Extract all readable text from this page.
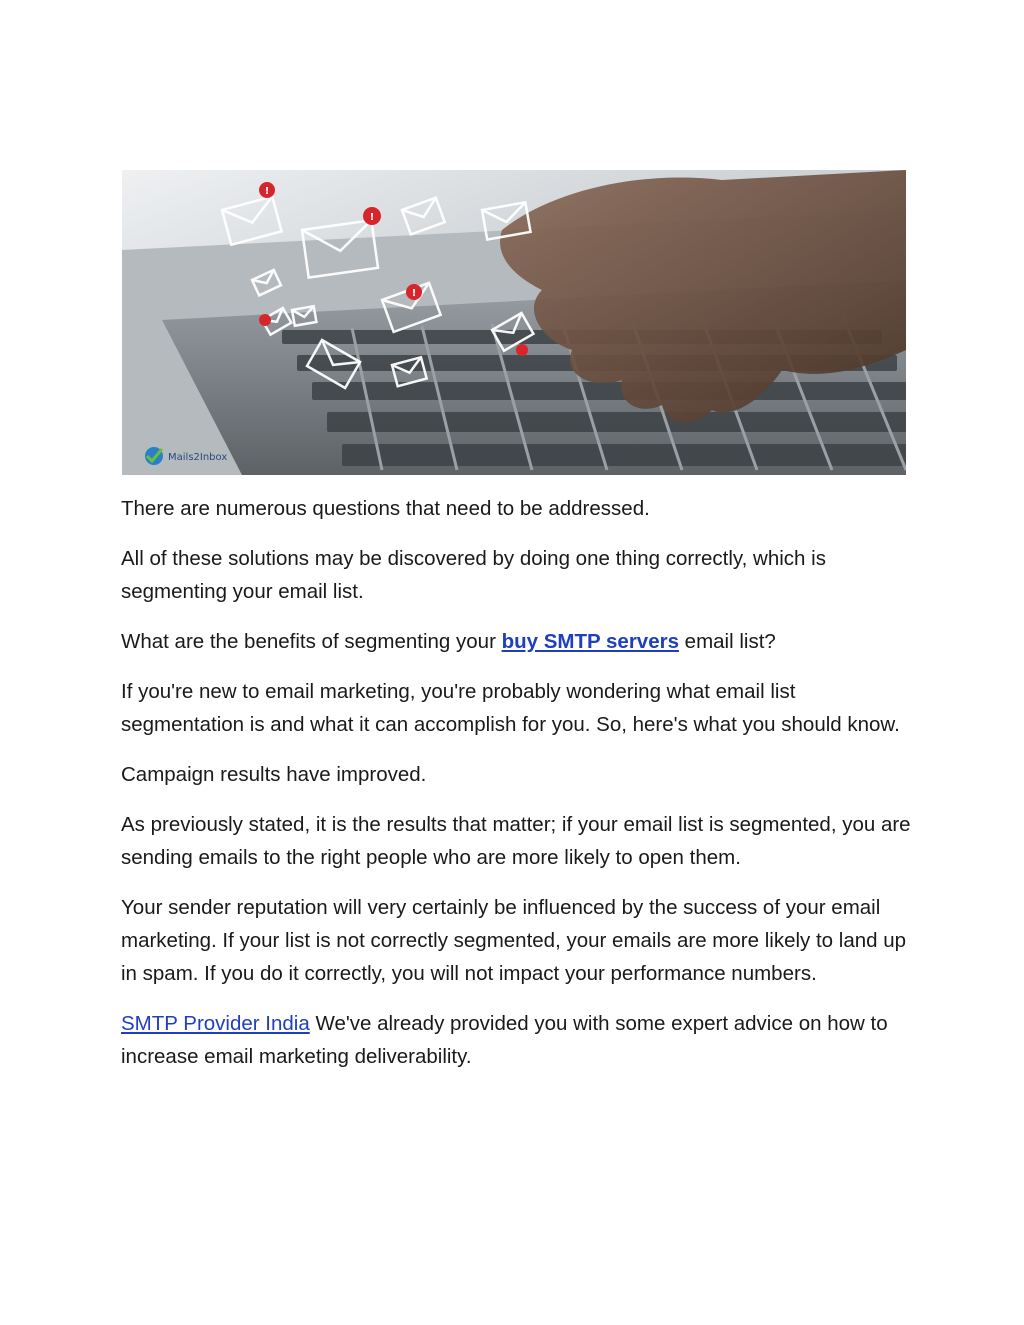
!
!
!
Mails2Inbox

There are numerous questions that need to be addressed.

All of these solutions may be discovered by doing one thing correctly, which is segmenting your email list.

What are the benefits of segmenting your buy SMTP servers email list?

If you're new to email marketing, you're probably wondering what email list segmentation is and what it can accomplish for you. So, here's what you should know.

Campaign results have improved.

As previously stated, it is the results that matter; if your email list is segmented, you are sending emails to the right people who are more likely to open them.

Your sender reputation will very certainly be influenced by the success of your email marketing. If your list is not correctly segmented, your emails are more likely to land up in spam. If you do it correctly, you will not impact your performance numbers.

SMTP Provider India We've already provided you with some expert advice on how to increase email marketing deliverability.
